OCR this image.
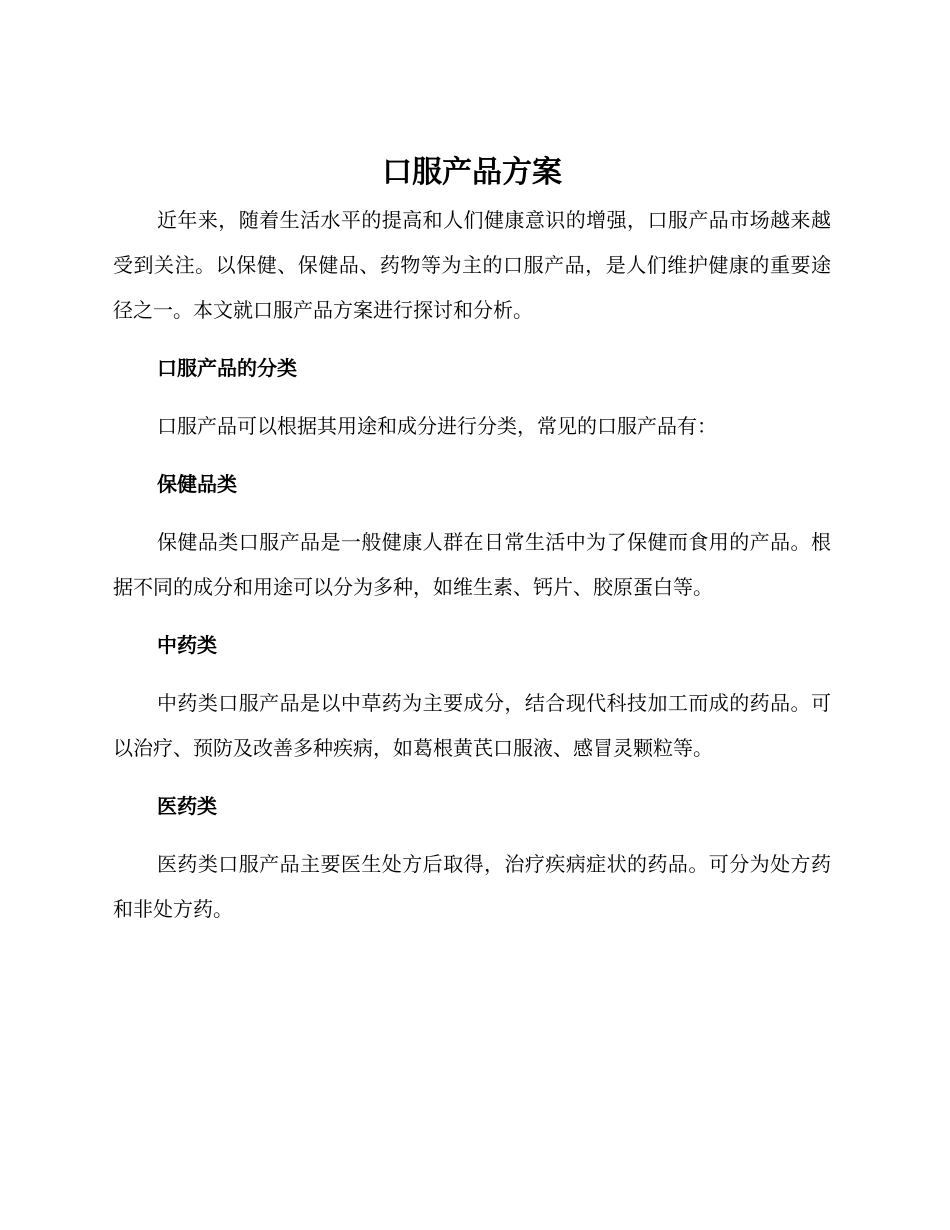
口服产品方案

近年来，随着生活水平的提高和人们健康意识的增强，口服产品市场越来越受到关注。以保健、保健品、药物等为主的口服产品，是人们维护健康的重要途径之一。本文就口服产品方案进行探讨和分析。

口服产品的分类

口服产品可以根据其用途和成分进行分类，常见的口服产品有：

保健品类

保健品类口服产品是一般健康人群在日常生活中为了保健而食用的产品。根据不同的成分和用途可以分为多种，如维生素、钙片、胶原蛋白等。

中药类

中药类口服产品是以中草药为主要成分，结合现代科技加工而成的药品。可以治疗、预防及改善多种疾病，如葛根黄芪口服液、感冒灵颗粒等。

医药类

医药类口服产品主要医生处方后取得，治疗疾病症状的药品。可分为处方药和非处方药。
